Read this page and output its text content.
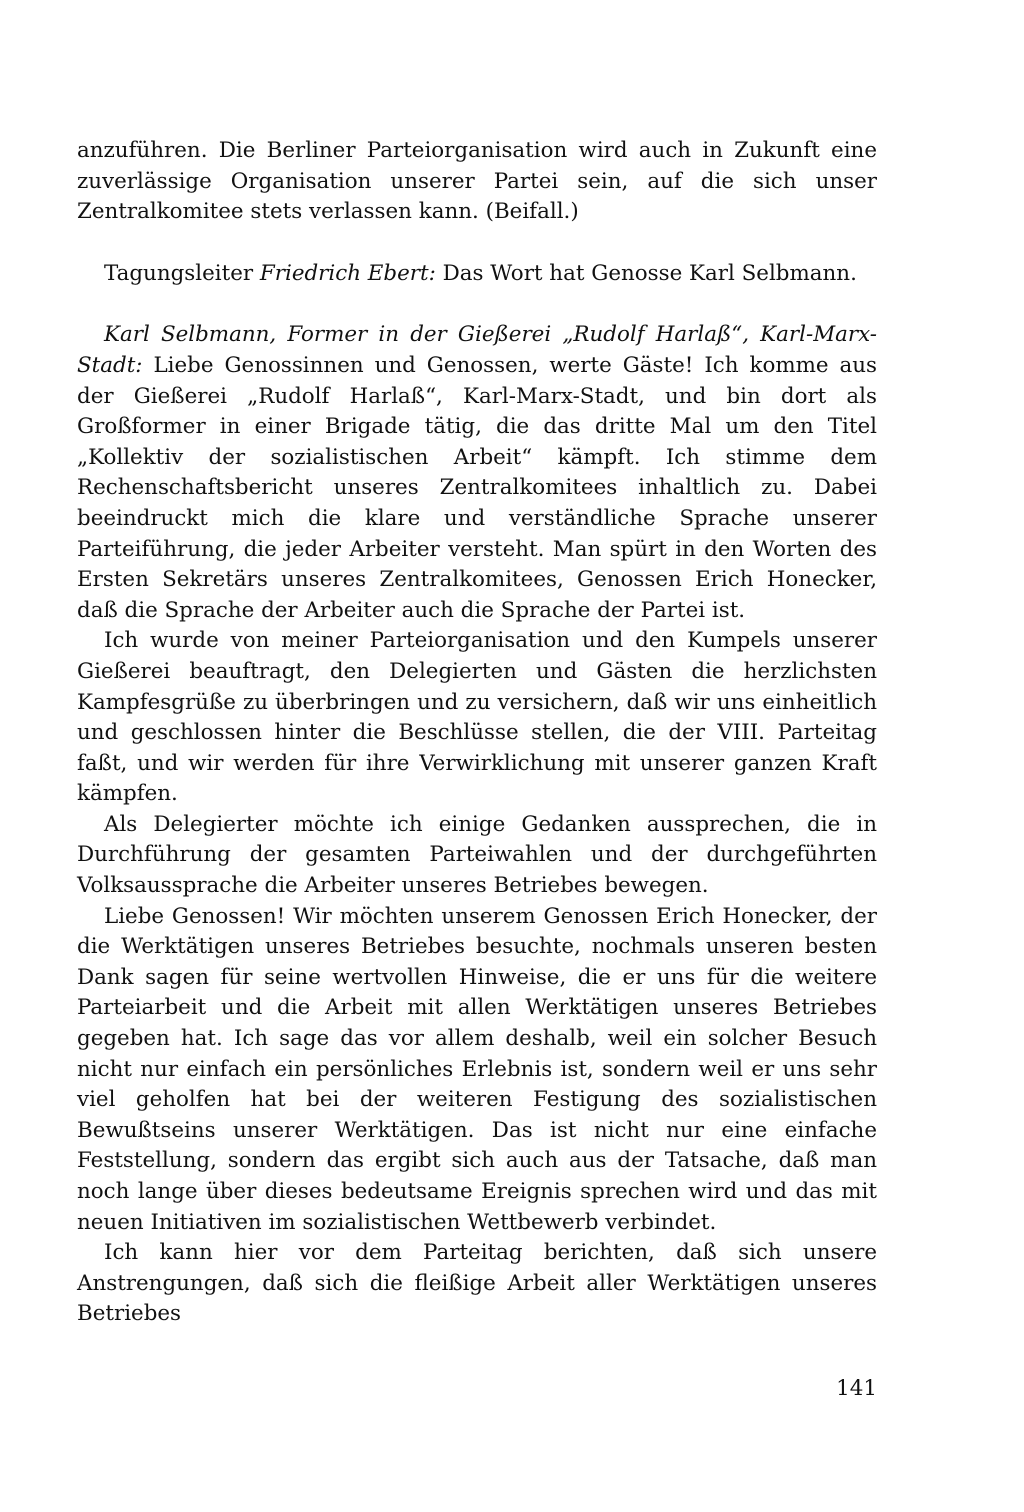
anzuführen. Die Berliner Parteiorganisation wird auch in Zukunft eine zuverlässige Organisation unserer Partei sein, auf die sich unser Zentralkomitee stets verlassen kann. (Beifall.)

Tagungsleiter Friedrich Ebert: Das Wort hat Genosse Karl Selbmann.

Karl Selbmann, Former in der Gießerei „Rudolf Harlaß“, Karl-Marx-Stadt: Liebe Genossinnen und Genossen, werte Gäste! Ich komme aus der Gießerei „Rudolf Harlaß“, Karl-Marx-Stadt, und bin dort als Großformer in einer Brigade tätig, die das dritte Mal um den Titel „Kollektiv der sozialistischen Arbeit“ kämpft. Ich stimme dem Rechenschaftsbericht unseres Zentralkomitees inhaltlich zu. Dabei beeindruckt mich die klare und verständliche Sprache unserer Parteiführung, die jeder Arbeiter versteht. Man spürt in den Worten des Ersten Sekretärs unseres Zentralkomitees, Genossen Erich Honecker, daß die Sprache der Arbeiter auch die Sprache der Partei ist.

Ich wurde von meiner Parteiorganisation und den Kumpels unserer Gießerei beauftragt, den Delegierten und Gästen die herzlichsten Kampfesgrüße zu überbringen und zu versichern, daß wir uns einheitlich und geschlossen hinter die Beschlüsse stellen, die der VIII. Parteitag faßt, und wir werden für ihre Verwirklichung mit unserer ganzen Kraft kämpfen.

Als Delegierter möchte ich einige Gedanken aussprechen, die in Durchführung der gesamten Parteiwahlen und der durchgeführten Volksaussprache die Arbeiter unseres Betriebes bewegen.

Liebe Genossen! Wir möchten unserem Genossen Erich Honecker, der die Werktätigen unseres Betriebes besuchte, nochmals unseren besten Dank sagen für seine wertvollen Hinweise, die er uns für die weitere Parteiarbeit und die Arbeit mit allen Werktätigen unseres Betriebes gegeben hat. Ich sage das vor allem deshalb, weil ein solcher Besuch nicht nur einfach ein persönliches Erlebnis ist, sondern weil er uns sehr viel geholfen hat bei der weiteren Festigung des sozialistischen Bewußtseins unserer Werktätigen. Das ist nicht nur eine einfache Feststellung, sondern das ergibt sich auch aus der Tatsache, daß man noch lange über dieses bedeutsame Ereignis sprechen wird und das mit neuen Initiativen im sozialistischen Wettbewerb verbindet.

Ich kann hier vor dem Parteitag berichten, daß sich unsere Anstrengungen, daß sich die fleißige Arbeit aller Werktätigen unseres Betriebes

141
